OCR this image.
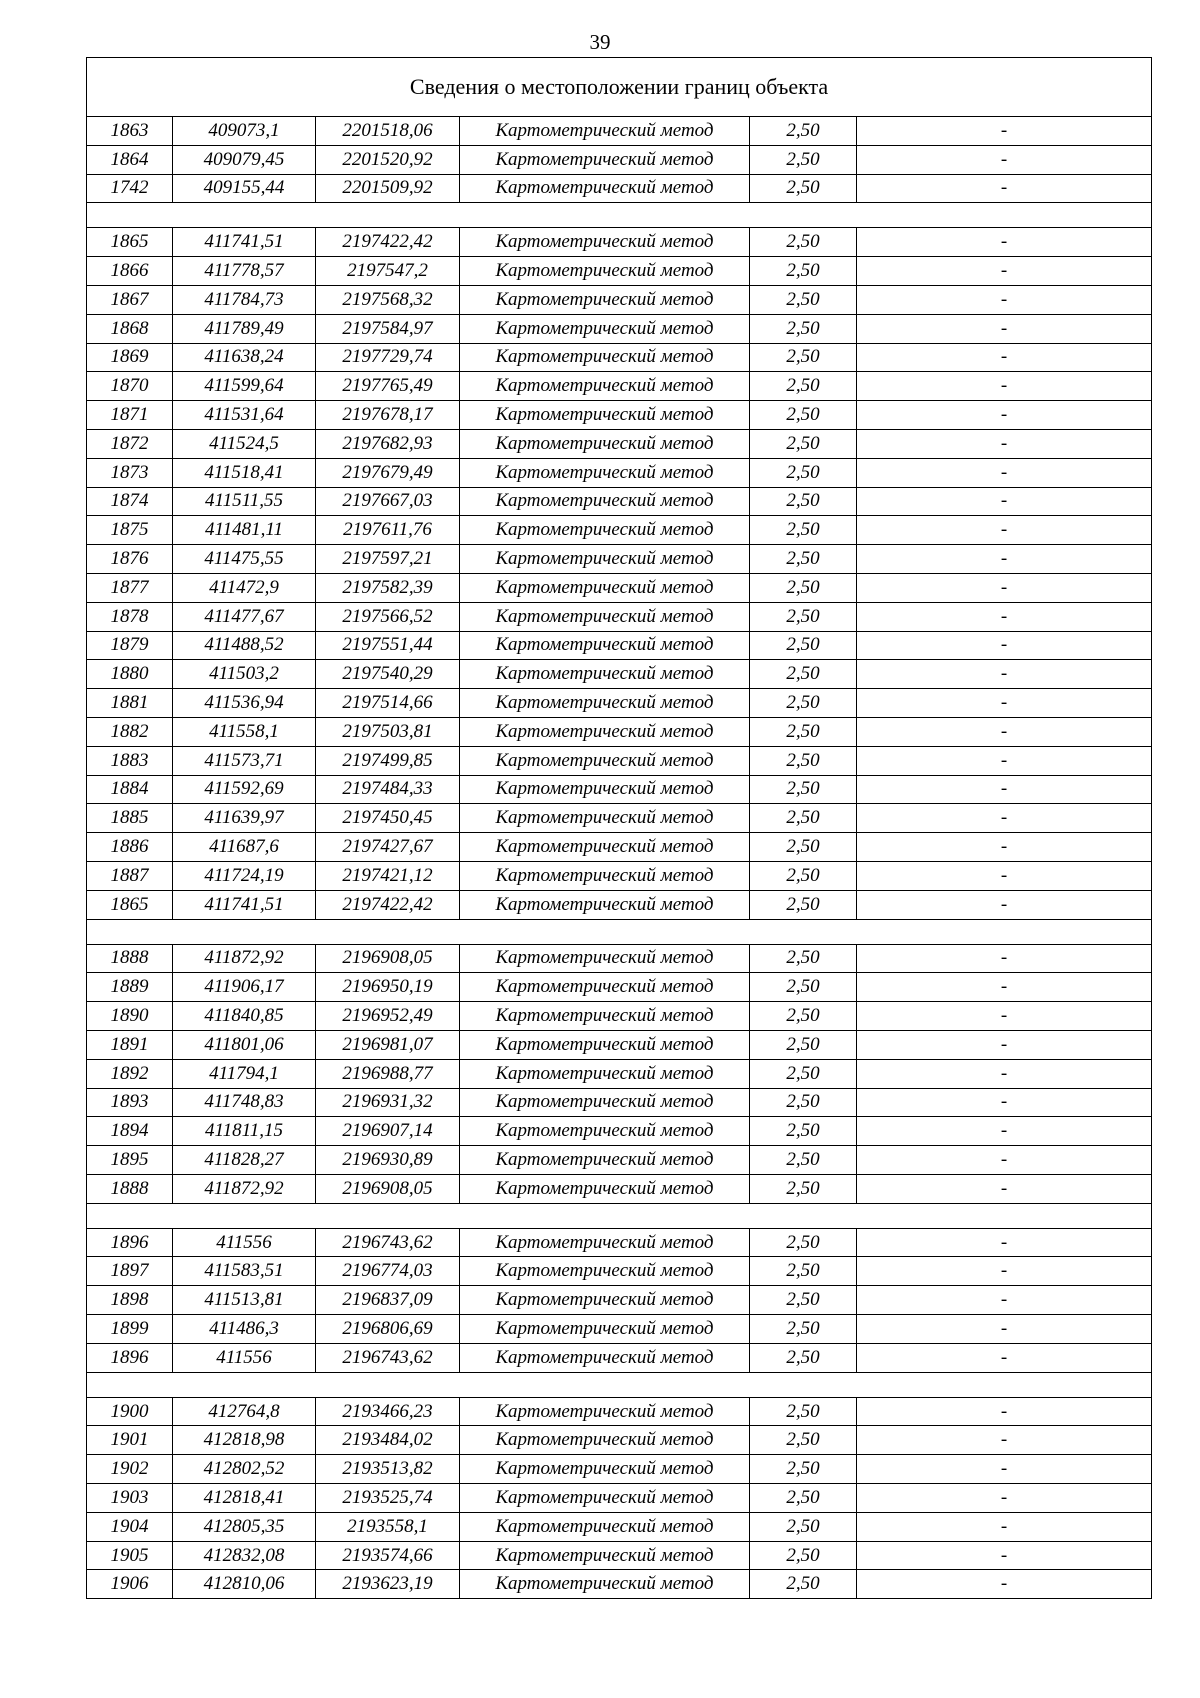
39
Сведения о местоположении границ объекта					
1863	409073,1	2201518,06	Картометрический метод	2,50	-
1864	409079,45	2201520,92	Картометрический метод	2,50	-
1742	409155,44	2201509,92	Картометрический метод	2,50	-

1865	411741,51	2197422,42	Картометрический метод	2,50	-
1866	411778,57	2197547,2	Картометрический метод	2,50	-
1867	411784,73	2197568,32	Картометрический метод	2,50	-
1868	411789,49	2197584,97	Картометрический метод	2,50	-
1869	411638,24	2197729,74	Картометрический метод	2,50	-
1870	411599,64	2197765,49	Картометрический метод	2,50	-
1871	411531,64	2197678,17	Картометрический метод	2,50	-
1872	411524,5	2197682,93	Картометрический метод	2,50	-
1873	411518,41	2197679,49	Картометрический метод	2,50	-
1874	411511,55	2197667,03	Картометрический метод	2,50	-
1875	411481,11	2197611,76	Картометрический метод	2,50	-
1876	411475,55	2197597,21	Картометрический метод	2,50	-
1877	411472,9	2197582,39	Картометрический метод	2,50	-
1878	411477,67	2197566,52	Картометрический метод	2,50	-
1879	411488,52	2197551,44	Картометрический метод	2,50	-
1880	411503,2	2197540,29	Картометрический метод	2,50	-
1881	411536,94	2197514,66	Картометрический метод	2,50	-
1882	411558,1	2197503,81	Картометрический метод	2,50	-
1883	411573,71	2197499,85	Картометрический метод	2,50	-
1884	411592,69	2197484,33	Картометрический метод	2,50	-
1885	411639,97	2197450,45	Картометрический метод	2,50	-
1886	411687,6	2197427,67	Картометрический метод	2,50	-
1887	411724,19	2197421,12	Картометрический метод	2,50	-
1865	411741,51	2197422,42	Картометрический метод	2,50	-

1888	411872,92	2196908,05	Картометрический метод	2,50	-
1889	411906,17	2196950,19	Картометрический метод	2,50	-
1890	411840,85	2196952,49	Картометрический метод	2,50	-
1891	411801,06	2196981,07	Картометрический метод	2,50	-
1892	411794,1	2196988,77	Картометрический метод	2,50	-
1893	411748,83	2196931,32	Картометрический метод	2,50	-
1894	411811,15	2196907,14	Картометрический метод	2,50	-
1895	411828,27	2196930,89	Картометрический метод	2,50	-
1888	411872,92	2196908,05	Картометрический метод	2,50	-

1896	411556	2196743,62	Картометрический метод	2,50	-
1897	411583,51	2196774,03	Картометрический метод	2,50	-
1898	411513,81	2196837,09	Картометрический метод	2,50	-
1899	411486,3	2196806,69	Картометрический метод	2,50	-
1896	411556	2196743,62	Картометрический метод	2,50	-

1900	412764,8	2193466,23	Картометрический метод	2,50	-
1901	412818,98	2193484,02	Картометрический метод	2,50	-
1902	412802,52	2193513,82	Картометрический метод	2,50	-
1903	412818,41	2193525,74	Картометрический метод	2,50	-
1904	412805,35	2193558,1	Картометрический метод	2,50	-
1905	412832,08	2193574,66	Картометрический метод	2,50	-
1906	412810,06	2193623,19	Картометрический метод	2,50	-
